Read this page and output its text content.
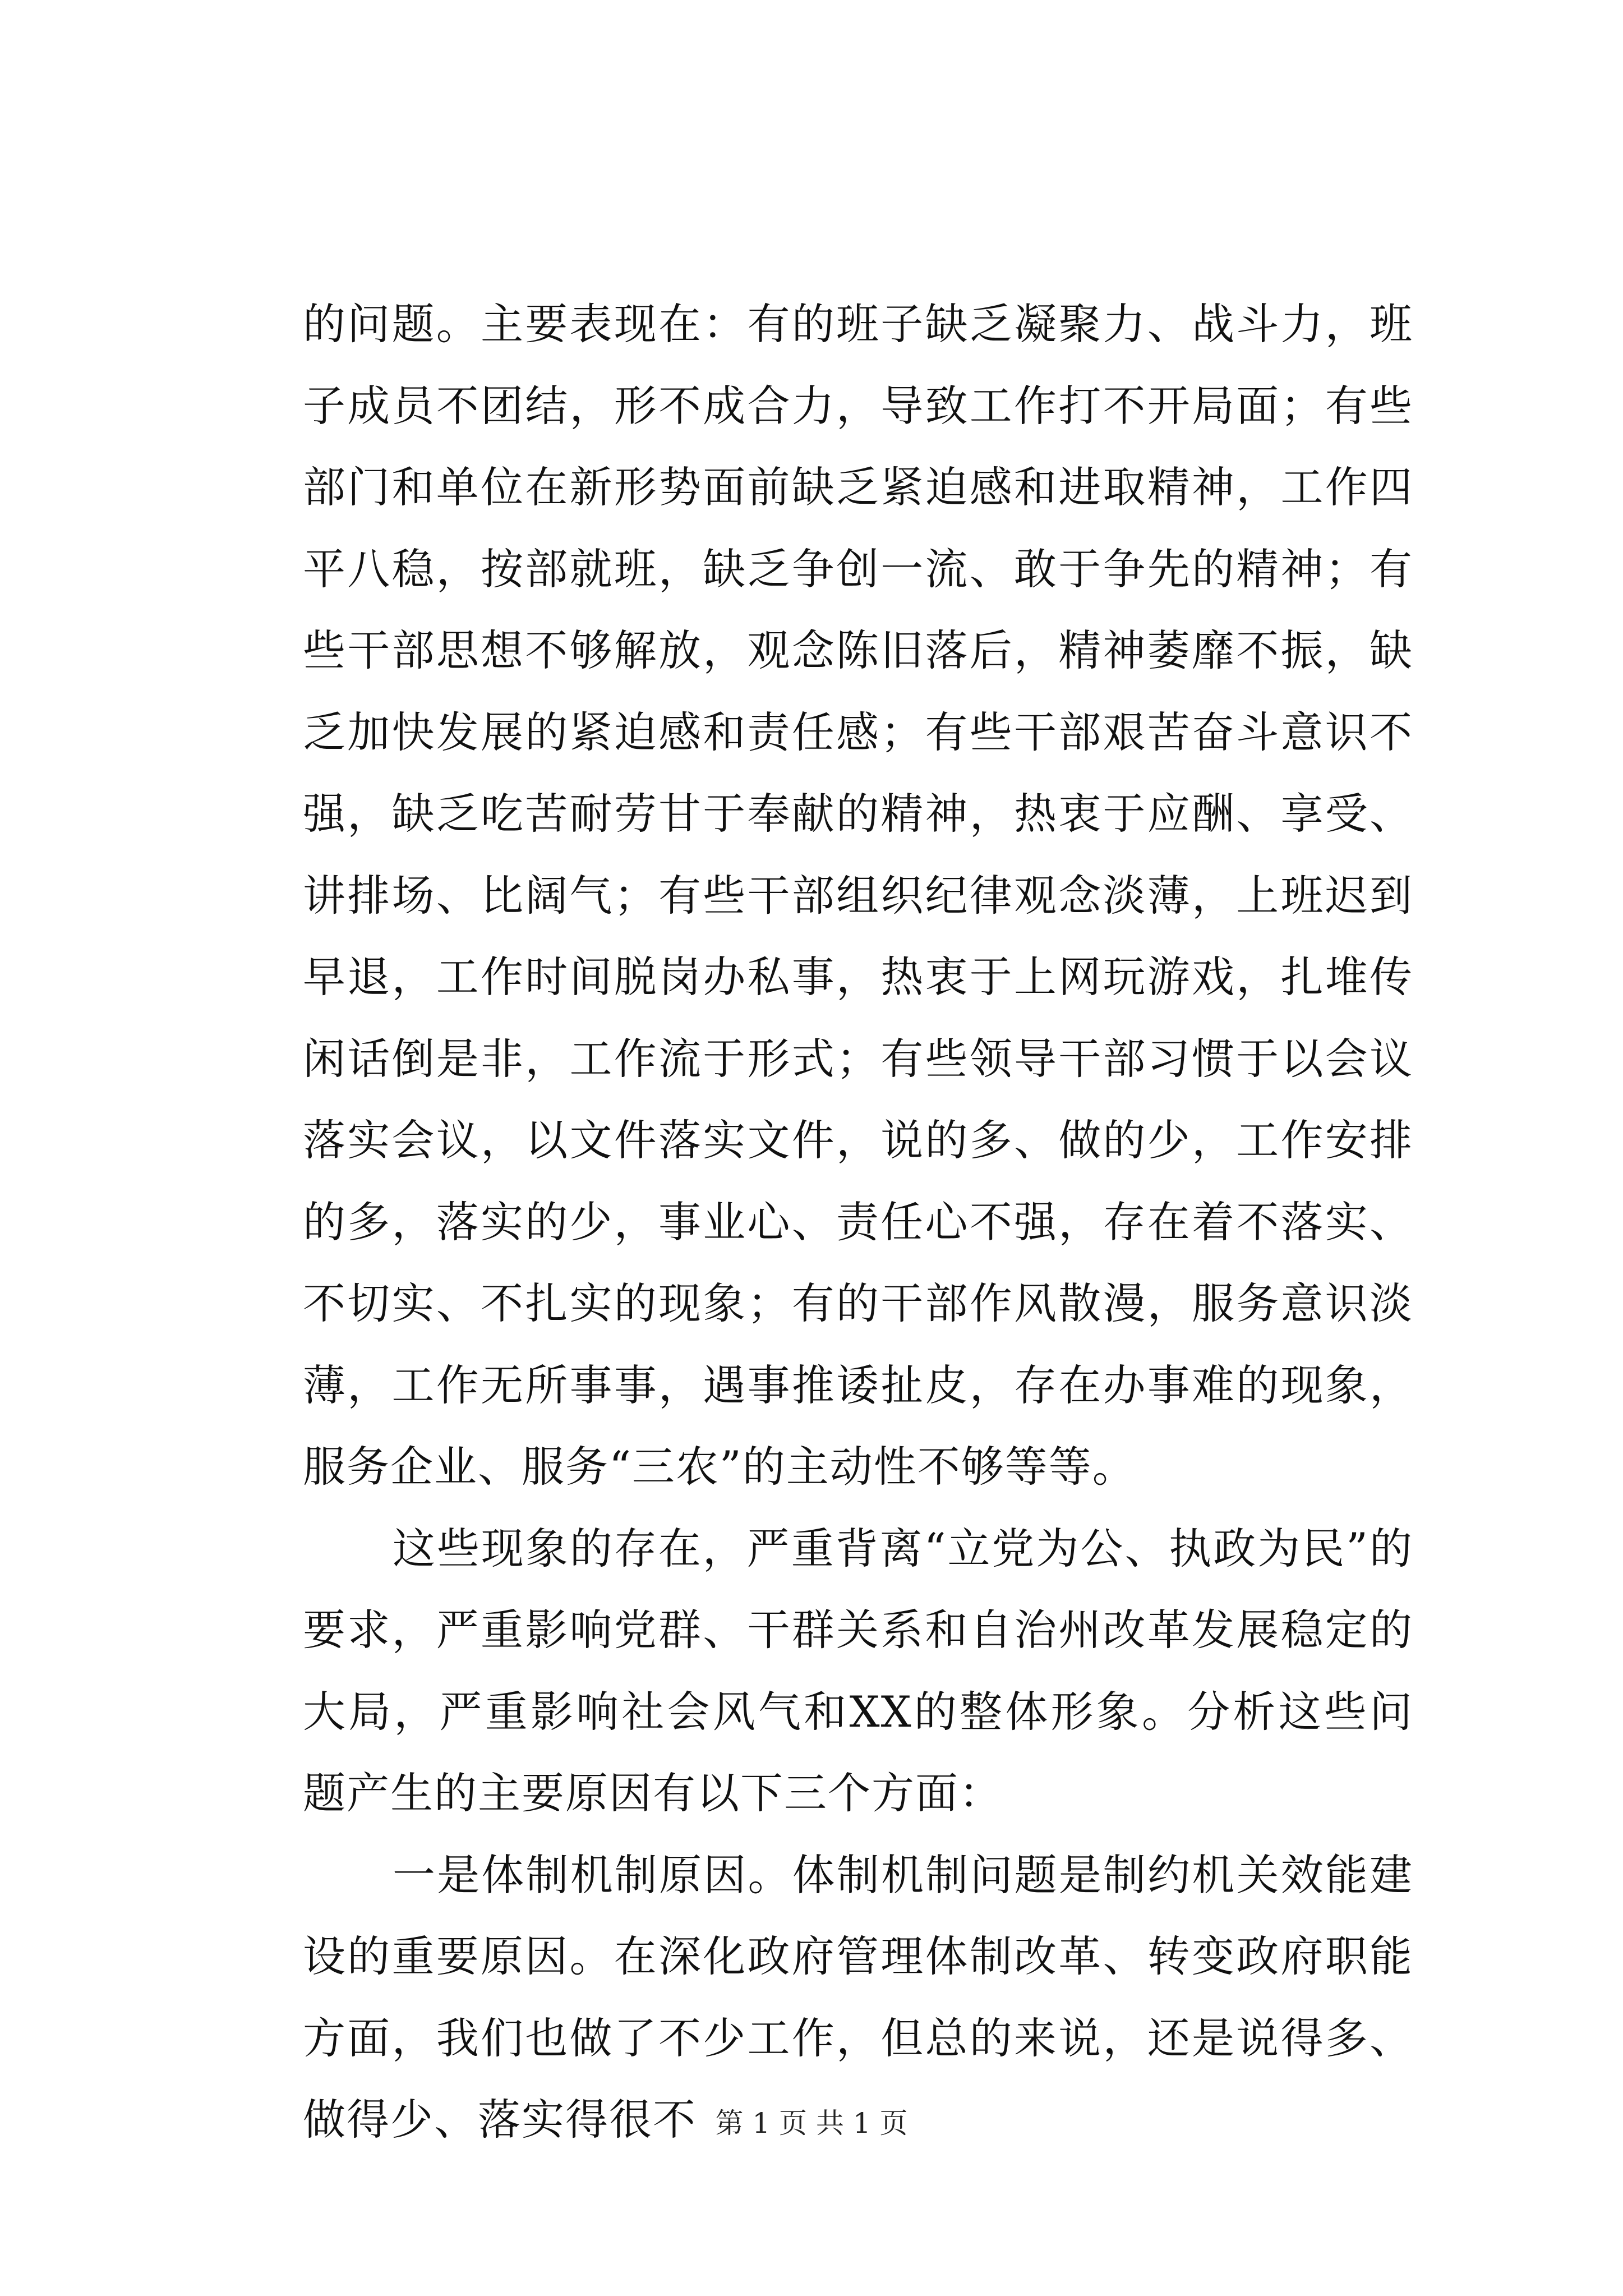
的问题。主要表现在：有的班子缺乏凝聚力、战斗力，班子成员不团结，形不成合力，导致工作打不开局面；有些部门和单位在新形势面前缺乏紧迫感和进取精神，工作四平八稳，按部就班，缺乏争创一流、敢于争先的精神；有些干部思想不够解放，观念陈旧落后，精神萎靡不振，缺乏加快发展的紧迫感和责任感；有些干部艰苦奋斗意识不强，缺乏吃苦耐劳甘于奉献的精神，热衷于应酬、享受、讲排场、比阔气；有些干部组织纪律观念淡薄，上班迟到早退，工作时间脱岗办私事，热衷于上网玩游戏，扎堆传闲话倒是非，工作流于形式；有些领导干部习惯于以会议落实会议，以文件落实文件，说的多、做的少，工作安排的多，落实的少，事业心、责任心不强，存在着不落实、不切实、不扎实的现象；有的干部作风散漫，服务意识淡薄，工作无所事事，遇事推诿扯皮，存在办事难的现象，服务企业、服务“三农”的主动性不够等等。

这些现象的存在，严重背离“立党为公、执政为民”的要求，严重影响党群、干群关系和自治州改革发展稳定的大局，严重影响社会风气和XX的整体形象。分析这些问题产生的主要原因有以下三个方面：

一是体制机制原因。体制机制问题是制约机关效能建设的重要原因。在深化政府管理体制改革、转变政府职能方面，我们也做了不少工作，但总的来说，还是说得多、做得少、落实得很不 第 1 页 共 1 页
